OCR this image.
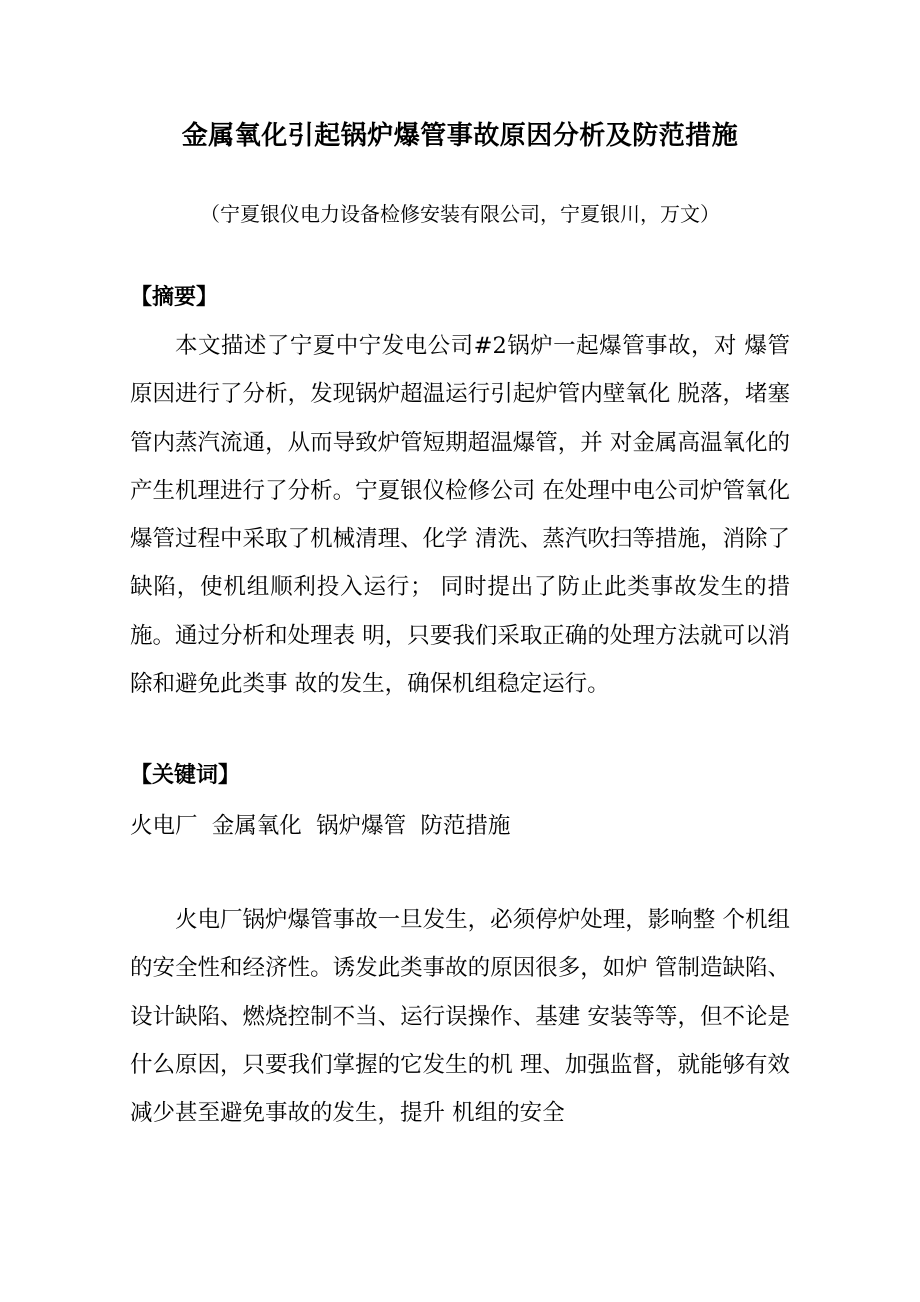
金属氧化引起锅炉爆管事故原因分析及防范措施

（宁夏银仪电力设备检修安装有限公司，宁夏银川，万文）

【摘要】

本文描述了宁夏中宁发电公司#2锅炉一起爆管事故，对 爆管原因进行了分析，发现锅炉超温运行引起炉管内壁氧化 脱落，堵塞管内蒸汽流通，从而导致炉管短期超温爆管，并 对金属高温氧化的产生机理进行了分析。宁夏银仪检修公司 在处理中电公司炉管氧化爆管过程中采取了机械清理、化学 清洗、蒸汽吹扫等措施，消除了缺陷，使机组顺利投入运行； 同时提出了防止此类事故发生的措施。通过分析和处理表 明，只要我们采取正确的处理方法就可以消除和避免此类事 故的发生，确保机组稳定运行。

【关键词】

火电厂  金属氧化  锅炉爆管  防范措施

火电厂锅炉爆管事故一旦发生，必须停炉处理，影响整 个机组的安全性和经济性。诱发此类事故的原因很多，如炉 管制造缺陷、设计缺陷、燃烧控制不当、运行误操作、基建 安装等等，但不论是什么原因，只要我们掌握的它发生的机 理、加强监督，就能够有效减少甚至避免事故的发生，提升 机组的安全
